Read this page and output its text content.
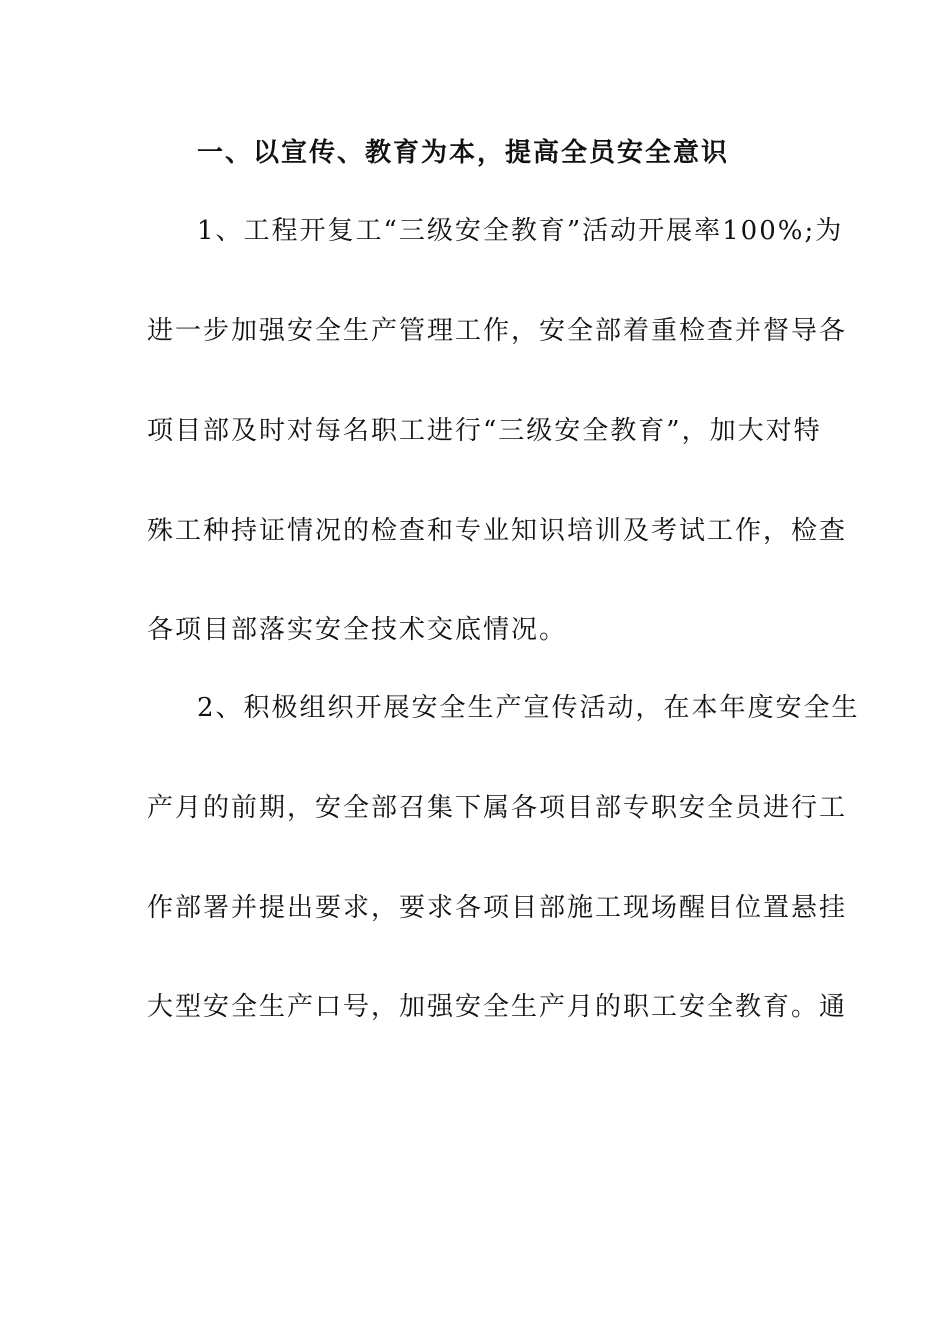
一、以宣传、教育为本，提高全员安全意识
1、工程开复工“三级安全教育”活动开展率100%;为
进一步加强安全生产管理工作，安全部着重检查并督导各
项目部及时对每名职工进行“三级安全教育”，加大对特
殊工种持证情况的检查和专业知识培训及考试工作，检查
各项目部落实安全技术交底情况。
2、积极组织开展安全生产宣传活动，在本年度安全生
产月的前期，安全部召集下属各项目部专职安全员进行工
作部署并提出要求，要求各项目部施工现场醒目位置悬挂
大型安全生产口号，加强安全生产月的职工安全教育。通
